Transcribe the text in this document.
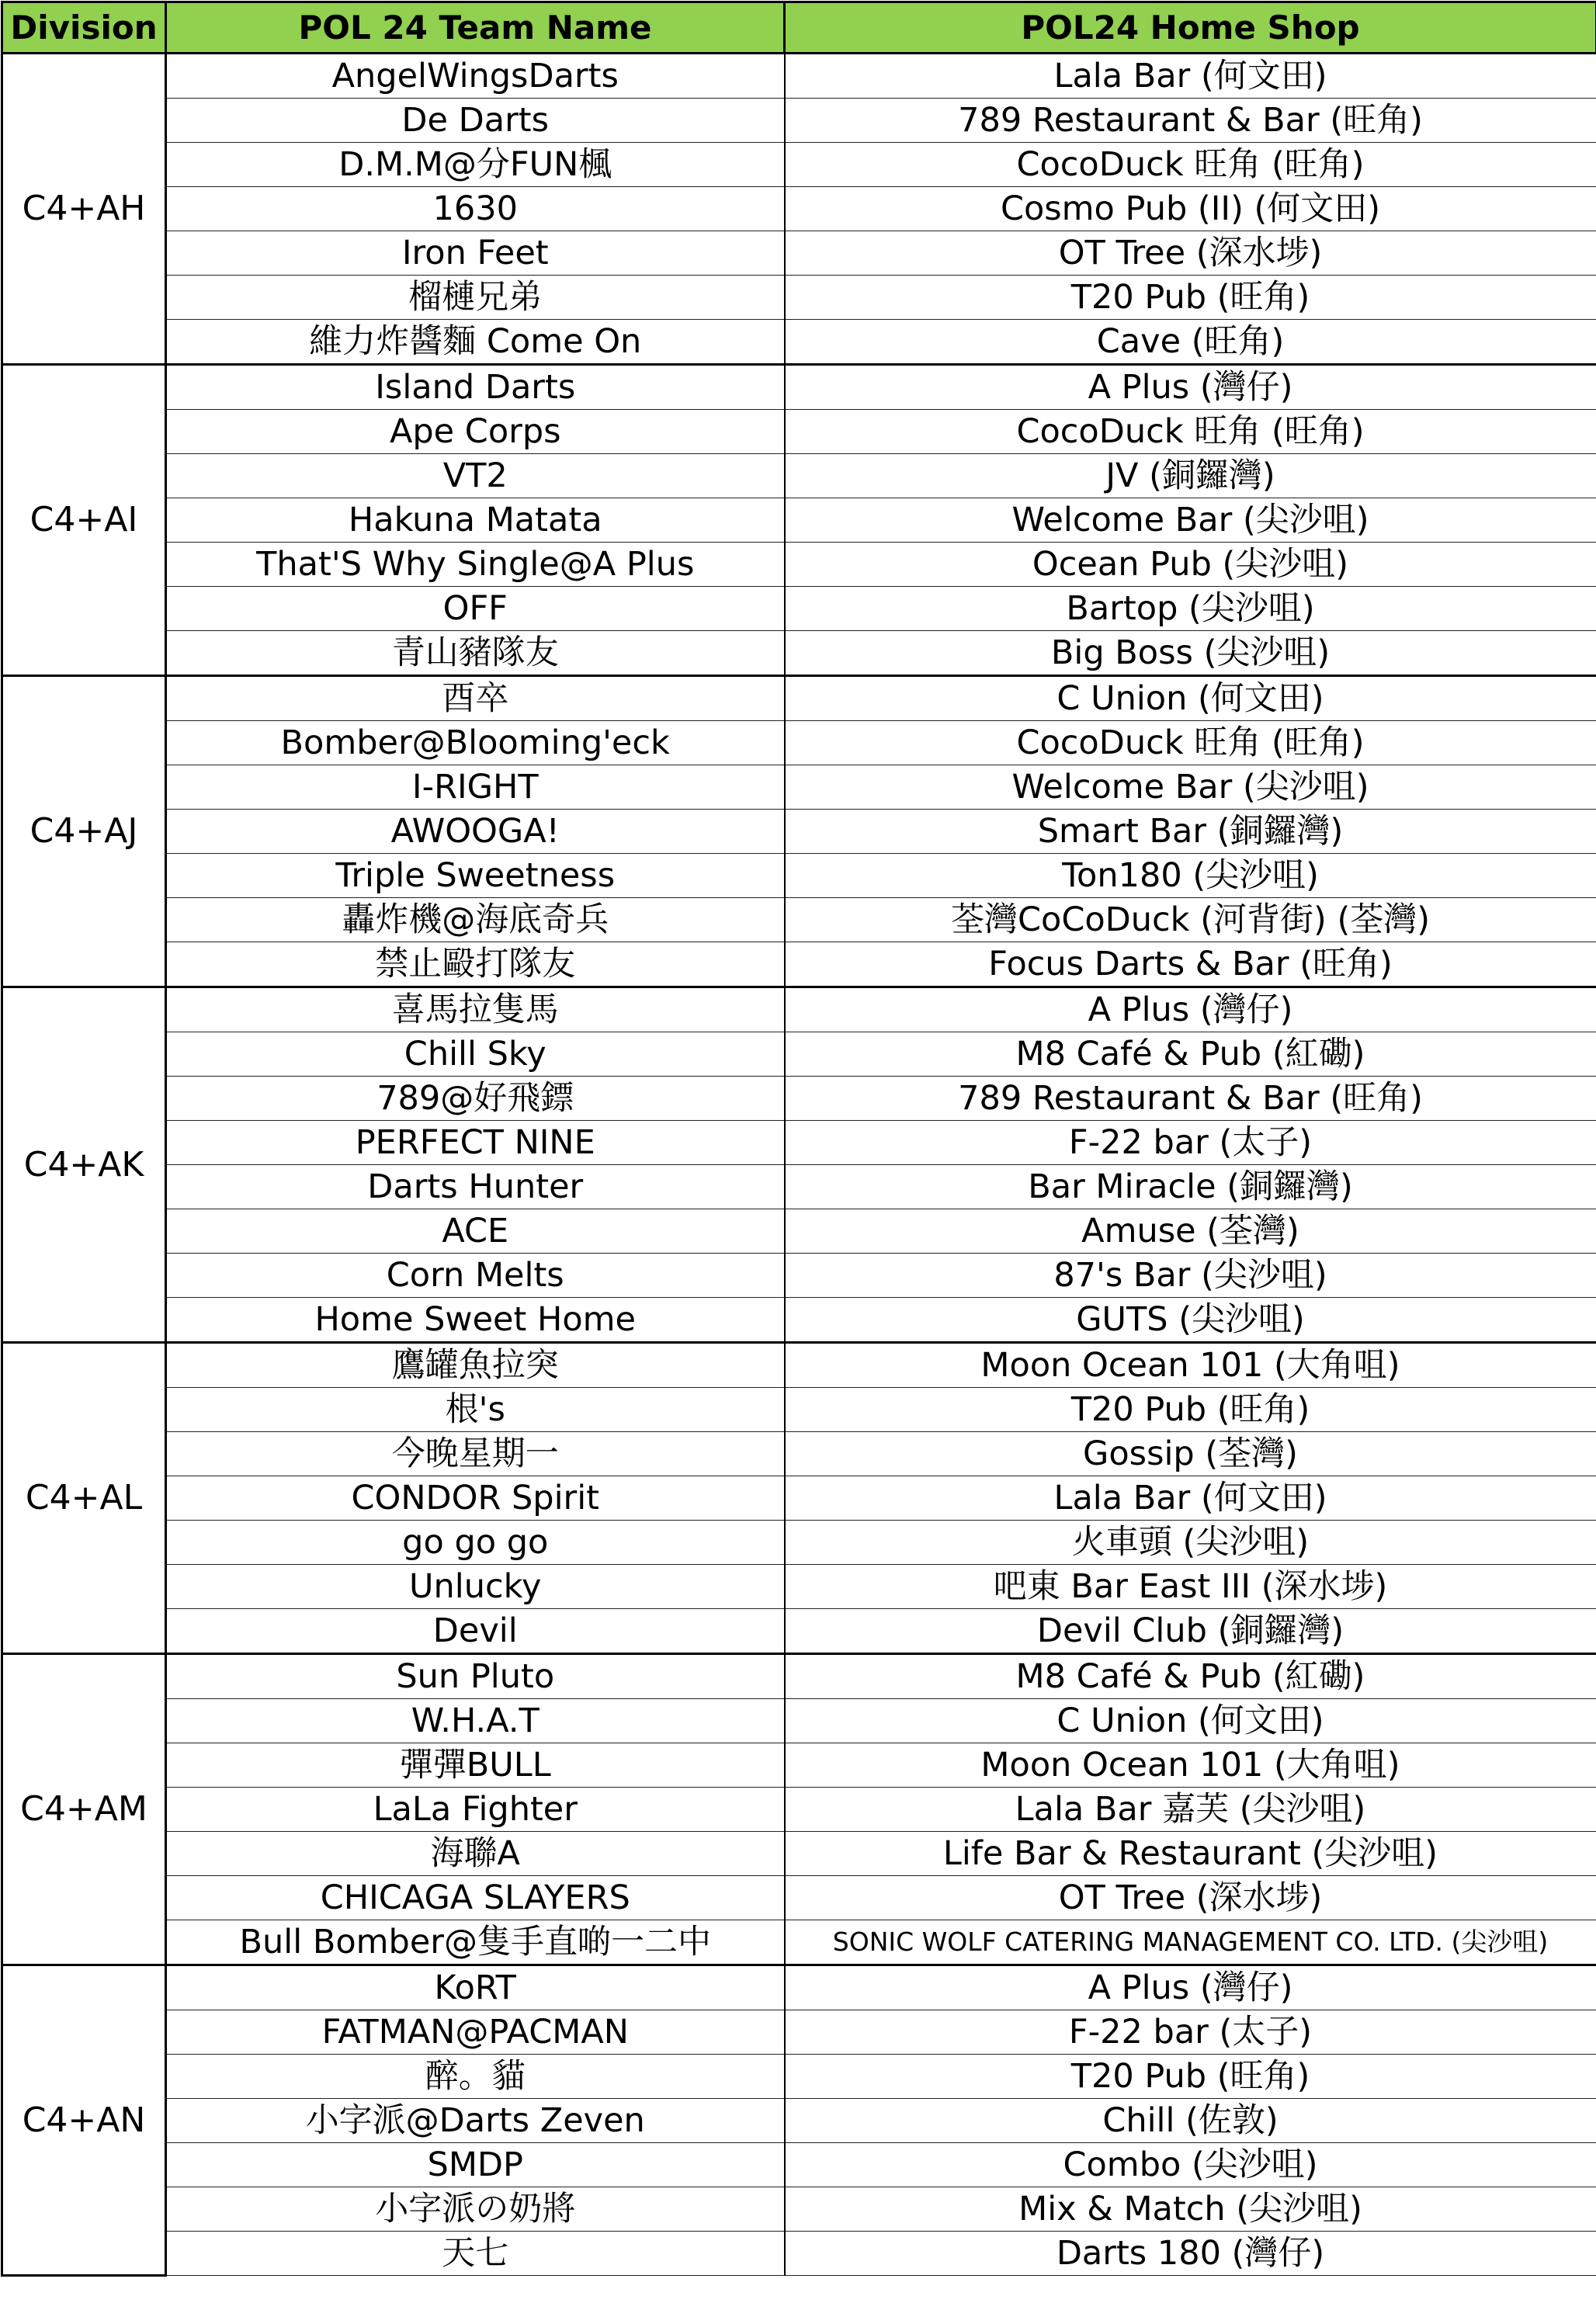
Division	POL 24 Team Name	POL24 Home Shop
C4+AH	AngelWingsDarts	Lala Bar (何文田)
	De Darts	789 Restaurant & Bar (旺角)
	D.M.M@分FUN楓	CocoDuck 旺角 (旺角)
	1630	Cosmo Pub (II) (何文田)
	Iron Feet	OT Tree (深水埗)
	榴槤兄弟	T20 Pub (旺角)
	維力炸醬麵 Come On	Cave (旺角)
C4+AI	Island Darts	A Plus (灣仔)
	Ape Corps	CocoDuck 旺角 (旺角)
	VT2	JV (銅鑼灣)
	Hakuna Matata	Welcome Bar (尖沙咀)
	That'S Why Single@A Plus	Ocean Pub (尖沙咀)
	OFF	Bartop (尖沙咀)
	青山豬隊友	Big Boss (尖沙咀)
C4+AJ	酉卒	C Union (何文田)
	Bomber@Blooming'eck	CocoDuck 旺角 (旺角)
	I-RIGHT	Welcome Bar (尖沙咀)
	AWOOGA!	Smart Bar (銅鑼灣)
	Triple Sweetness	Ton180 (尖沙咀)
	轟炸機@海底奇兵	荃灣CoCoDuck (河背街) (荃灣)
	禁止毆打隊友	Focus Darts & Bar (旺角)
C4+AK	喜馬拉隻馬	A Plus (灣仔)
	Chill Sky	M8 Café & Pub (紅磡)
	789@好飛鏢	789 Restaurant & Bar (旺角)
	PERFECT NINE	F-22 bar (太子)
	Darts Hunter	Bar Miracle (銅鑼灣)
	ACE	Amuse (荃灣)
	Corn Melts	87's Bar (尖沙咀)
	Home Sweet Home	GUTS (尖沙咀)
C4+AL	鷹罐魚拉突	Moon Ocean 101 (大角咀)
	根's	T20 Pub (旺角)
	今晚星期一	Gossip (荃灣)
	CONDOR Spirit	Lala Bar (何文田)
	go go go	火車頭 (尖沙咀)
	Unlucky	吧東 Bar East III (深水埗)
	Devil	Devil Club (銅鑼灣)
C4+AM	Sun Pluto	M8 Café & Pub (紅磡)
	W.H.A.T	C Union (何文田)
	彈彈BULL	Moon Ocean 101 (大角咀)
	LaLa Fighter	Lala Bar 嘉芙 (尖沙咀)
	海聯A	Life Bar & Restaurant (尖沙咀)
	CHICAGA SLAYERS	OT Tree (深水埗)
	Bull Bomber@隻手直啲一二中	SONIC WOLF CATERING MANAGEMENT CO. LTD. (尖沙咀)
C4+AN	KoRT	A Plus (灣仔)
	FATMAN@PACMAN	F-22 bar (太子)
	醉。貓	T20 Pub (旺角)
	小字派@Darts Zeven	Chill (佐敦)
	SMDP	Combo (尖沙咀)
	小字派の奶將	Mix & Match (尖沙咀)
	天七	Darts 180 (灣仔)
